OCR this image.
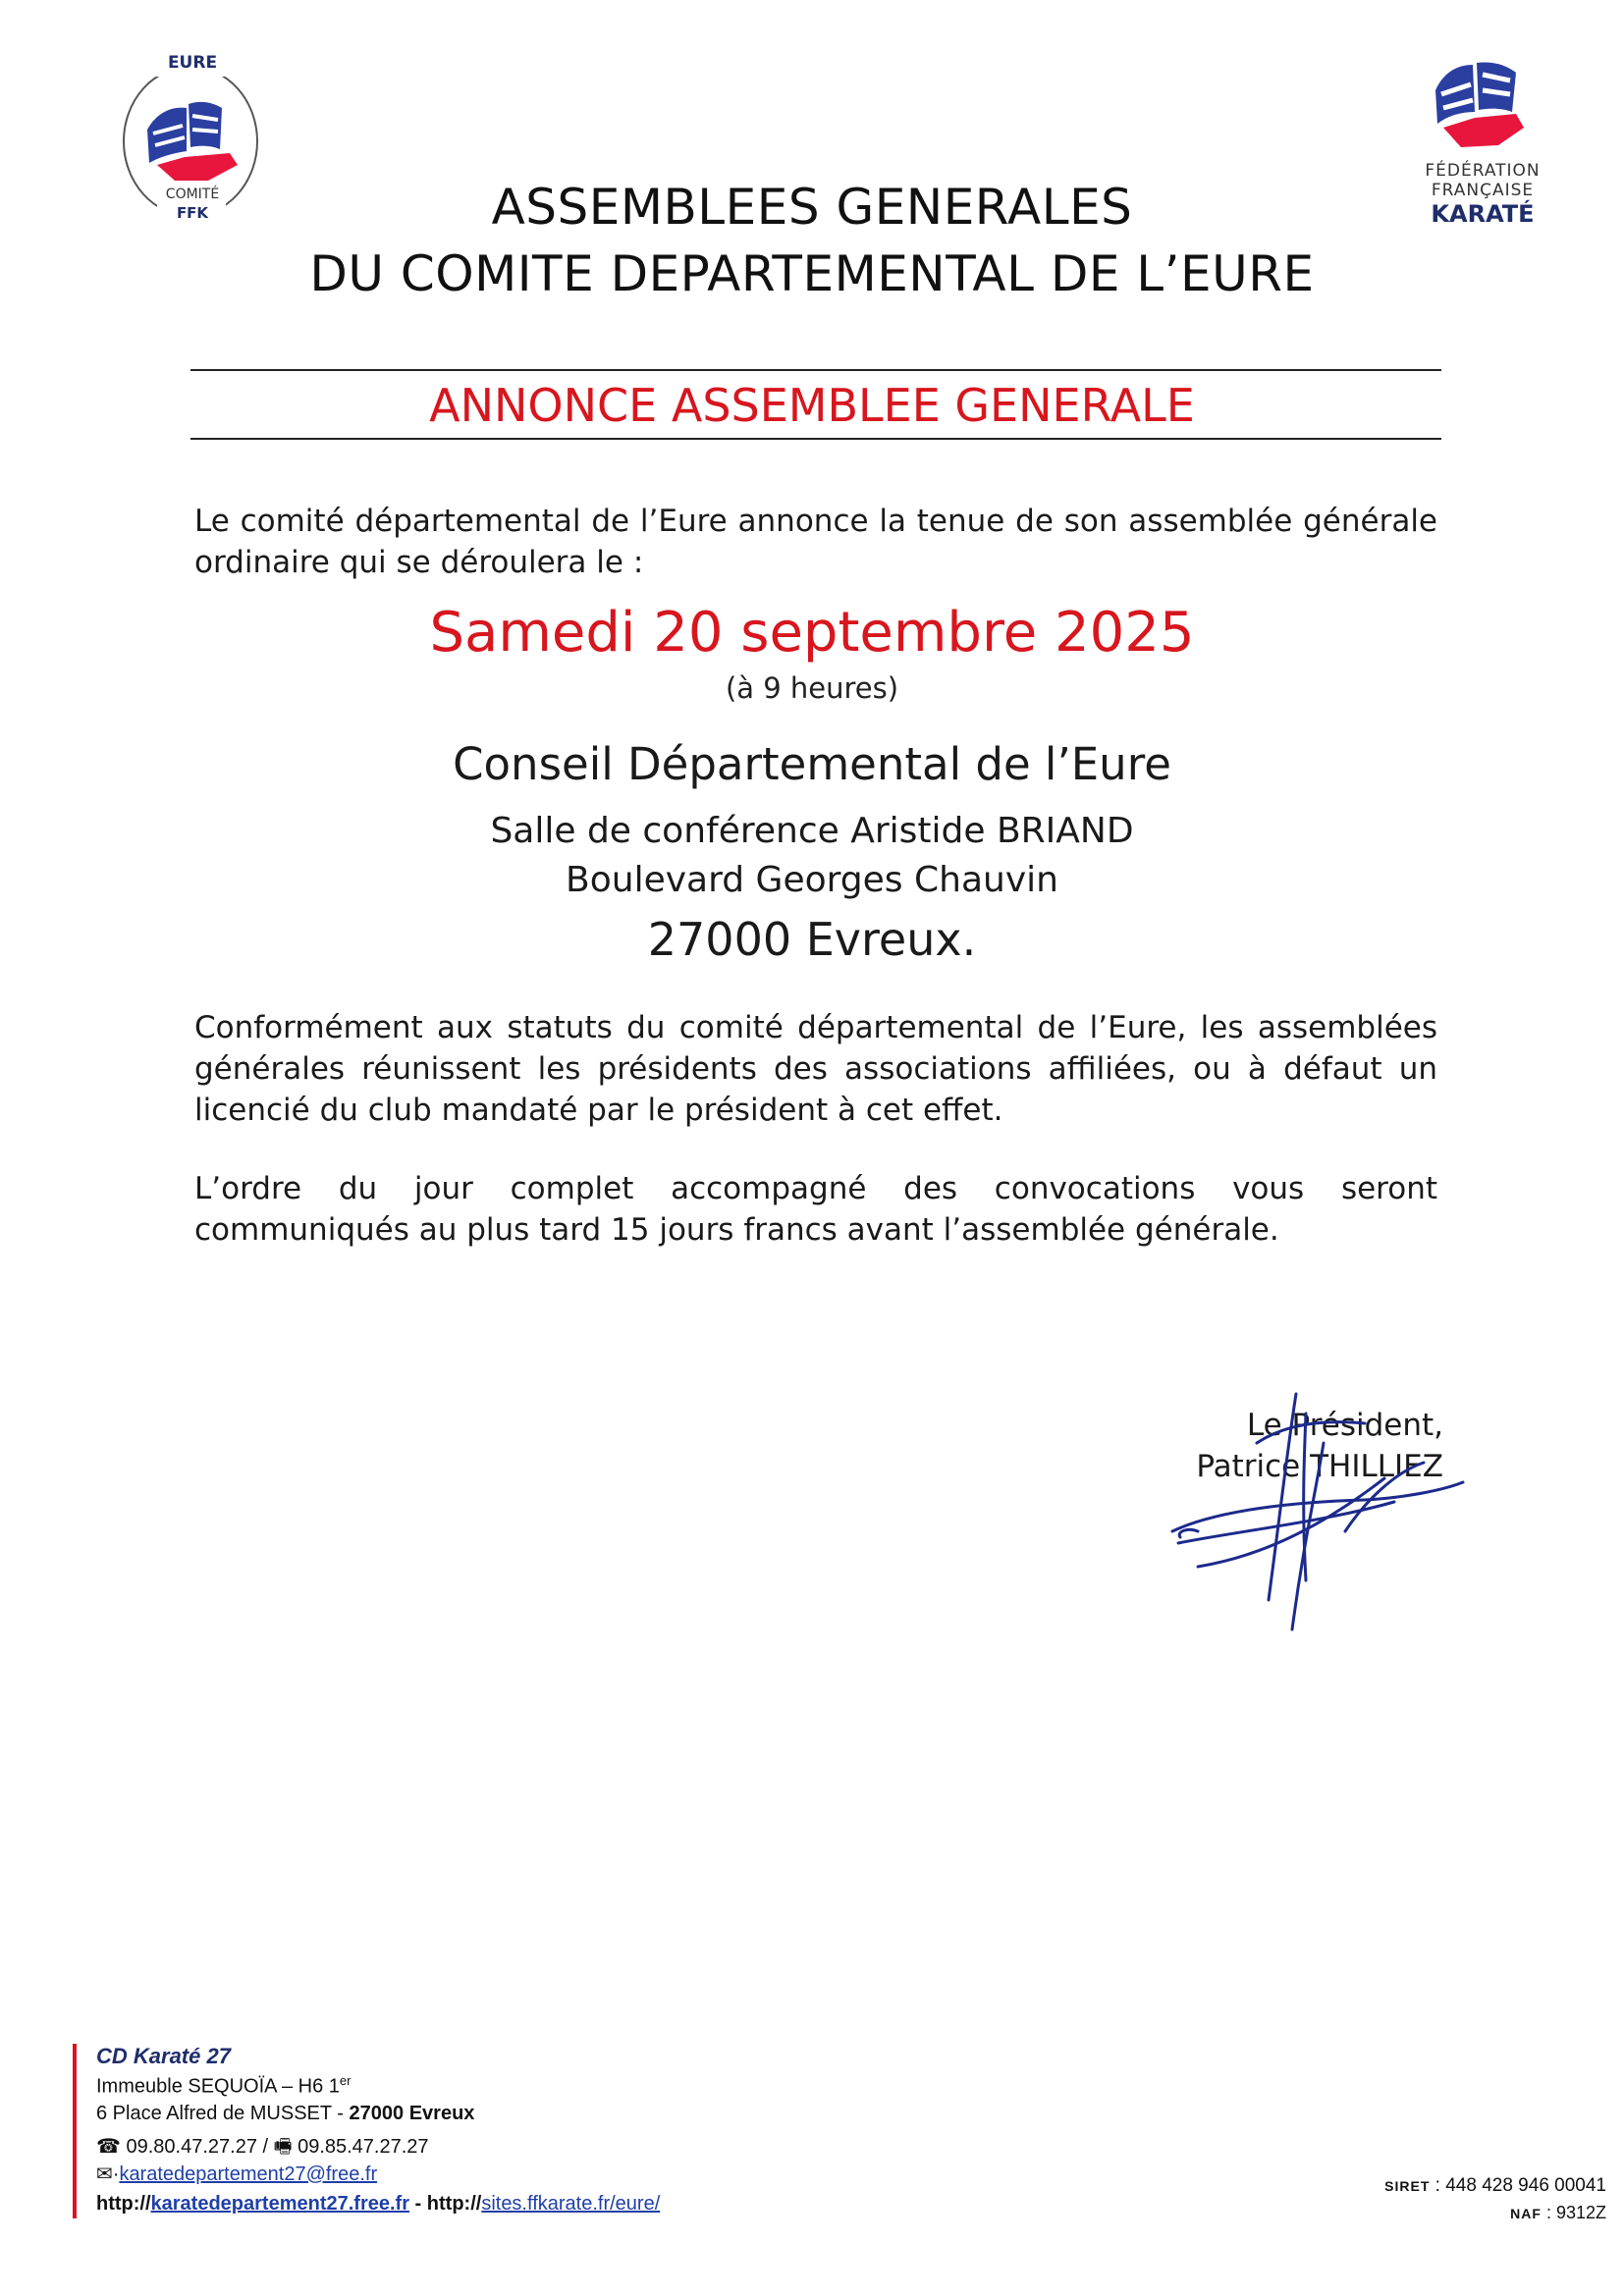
EURE
COMITÉ
FFK
FÉDÉRATION
FRANÇAISE
KARATÉ
ASSEMBLEES GENERALES
DU COMITE DEPARTEMENTAL DE L’EURE
ANNONCE ASSEMBLEE GENERALE
Le comité départemental de l’Eure annonce la tenue de son assemblée générale ordinaire qui se déroulera le :
Samedi 20 septembre 2025
(à 9 heures)
Conseil Départemental de l’Eure
Salle de conférence Aristide BRIAND
Boulevard Georges Chauvin
27000 Evreux.
Conformément aux statuts du comité départemental de l’Eure, les assemblées générales réunissent les présidents des associations affiliées, ou à défaut un licencié du club mandaté par le président à cet effet.
L’ordre du jour complet accompagné des convocations vous seront communiqués au plus tard 15 jours francs avant l’assemblée générale.
Le Président,
Patrice THILLIEZ
CD Karaté 27
Immeuble SEQUOÏA – H6 1er
6 Place Alfred de MUSSET - 27000 Evreux
☎ 09.80.47.27.27 / 🖷 09.85.47.27.27
✉·karatedepartement27@free.fr
http://karatedepartement27.free.fr - http://sites.ffkarate.fr/eure/
SIRET : 448 428 946 00041
NAF : 9312Z
